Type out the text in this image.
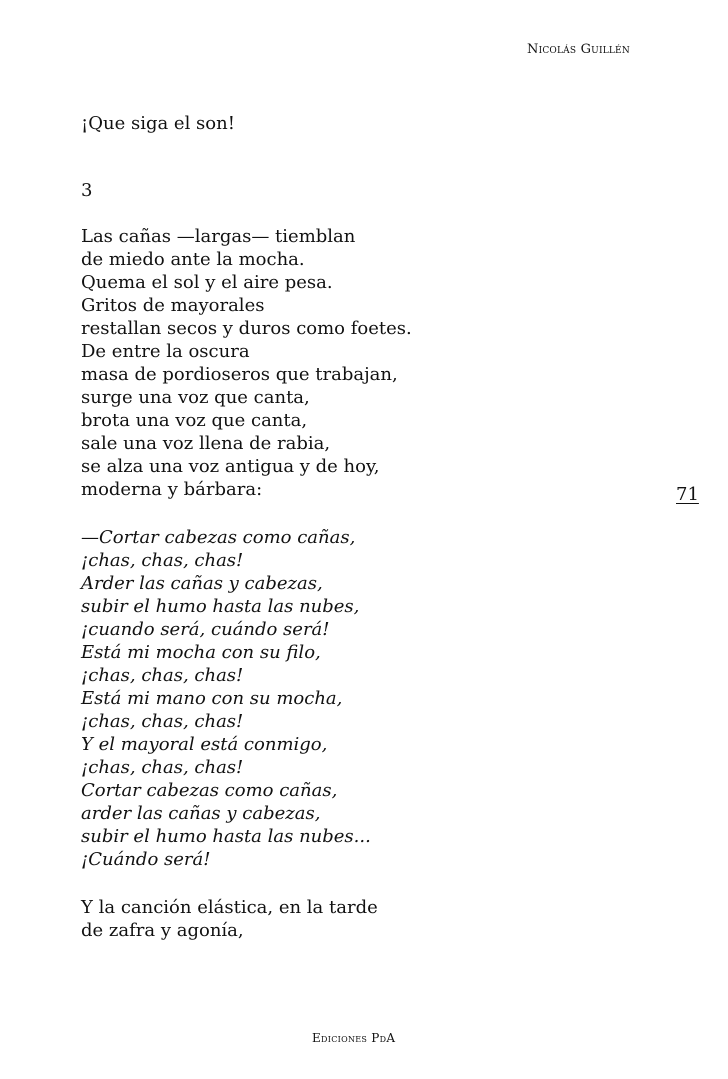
Nicolás Guillén
71
¡Que siga el son!
3
Las cañas —largas— tiemblan
de miedo ante la mocha.
Quema el sol y el aire pesa.
Gritos de mayorales
restallan secos y duros como foetes.
De entre la oscura
masa de pordioseros que trabajan,
surge una voz que canta,
brota una voz que canta,
sale una voz llena de rabia,
se alza una voz antigua y de hoy,
moderna y bárbara:
—Cortar cabezas como cañas,
¡chas, chas, chas!
Arder las cañas y cabezas,
subir el humo hasta las nubes,
¡cuando será, cuándo será!
Está mi mocha con su filo,
¡chas, chas, chas!
Está mi mano con su mocha,
¡chas, chas, chas!
Y el mayoral está conmigo,
¡chas, chas, chas!
Cortar cabezas como cañas,
arder las cañas y cabezas,
subir el humo hasta las nubes...
¡Cuándo será!
Y la canción elástica, en la tarde
de zafra y agonía,
Ediciones PdA
